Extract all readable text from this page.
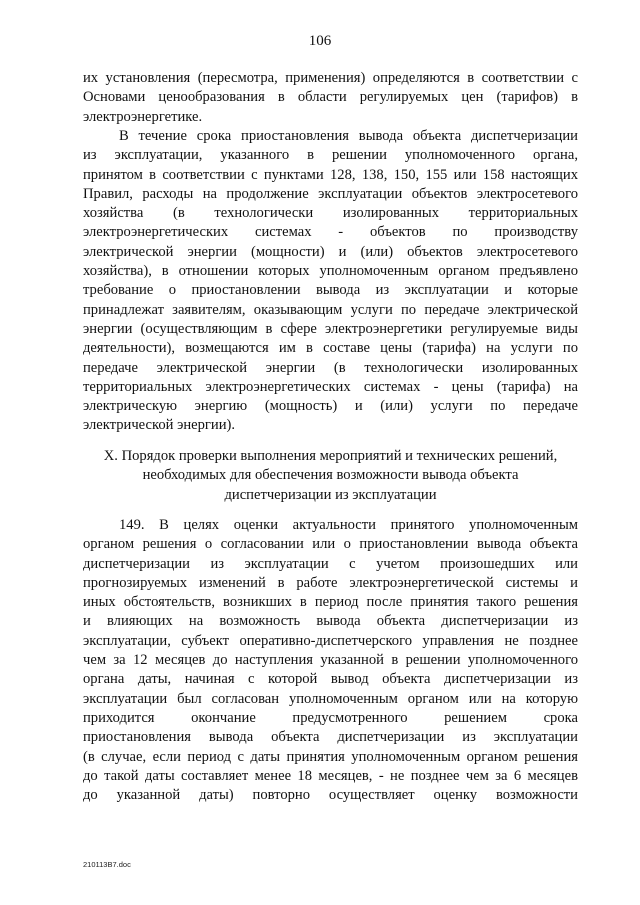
106
их установления (пересмотра, применения) определяются в соответствии с
Основами ценообразования в области регулируемых цен (тарифов) в
электроэнергетике.
В течение срока приостановления вывода объекта диспетчеризации
из эксплуатации, указанного в решении уполномоченного органа,
принятом в соответствии с пунктами 128, 138, 150, 155 или 158 настоящих
Правил, расходы на продолжение эксплуатации объектов электросетевого
хозяйства (в технологически изолированных территориальных
электроэнергетических системах - объектов по производству
электрической энергии (мощности) и (или) объектов электросетевого
хозяйства), в отношении которых уполномоченным органом предъявлено
требование о приостановлении вывода из эксплуатации и которые
принадлежат заявителям, оказывающим услуги по передаче электрической
энергии (осуществляющим в сфере электроэнергетики регулируемые виды
деятельности), возмещаются им в составе цены (тарифа) на услуги по
передаче электрической энергии (в технологически изолированных
территориальных электроэнергетических системах - цены (тарифа) на
электрическую энергию (мощность) и (или) услуги по передаче
электрической энергии).
X. Порядок проверки выполнения мероприятий и технических решений,
необходимых для обеспечения возможности вывода объекта
диспетчеризации из эксплуатации
149. В целях оценки актуальности принятого уполномоченным
органом решения о согласовании или о приостановлении вывода объекта
диспетчеризации из эксплуатации с учетом произошедших или
прогнозируемых изменений в работе электроэнергетической системы и
иных обстоятельств, возникших в период после принятия такого решения
и влияющих на возможность вывода объекта диспетчеризации из
эксплуатации, субъект оперативно-диспетчерского управления не позднее
чем за 12 месяцев до наступления указанной в решении уполномоченного
органа даты, начиная с которой вывод объекта диспетчеризации из
эксплуатации был согласован уполномоченным органом или на которую
приходится окончание предусмотренного решением срока
приостановления вывода объекта диспетчеризации из эксплуатации
(в случае, если период с даты принятия уполномоченным органом решения
до такой даты составляет менее 18 месяцев, - не позднее чем за 6 месяцев
до указанной даты) повторно осуществляет оценку возможности
210113B7.doc
